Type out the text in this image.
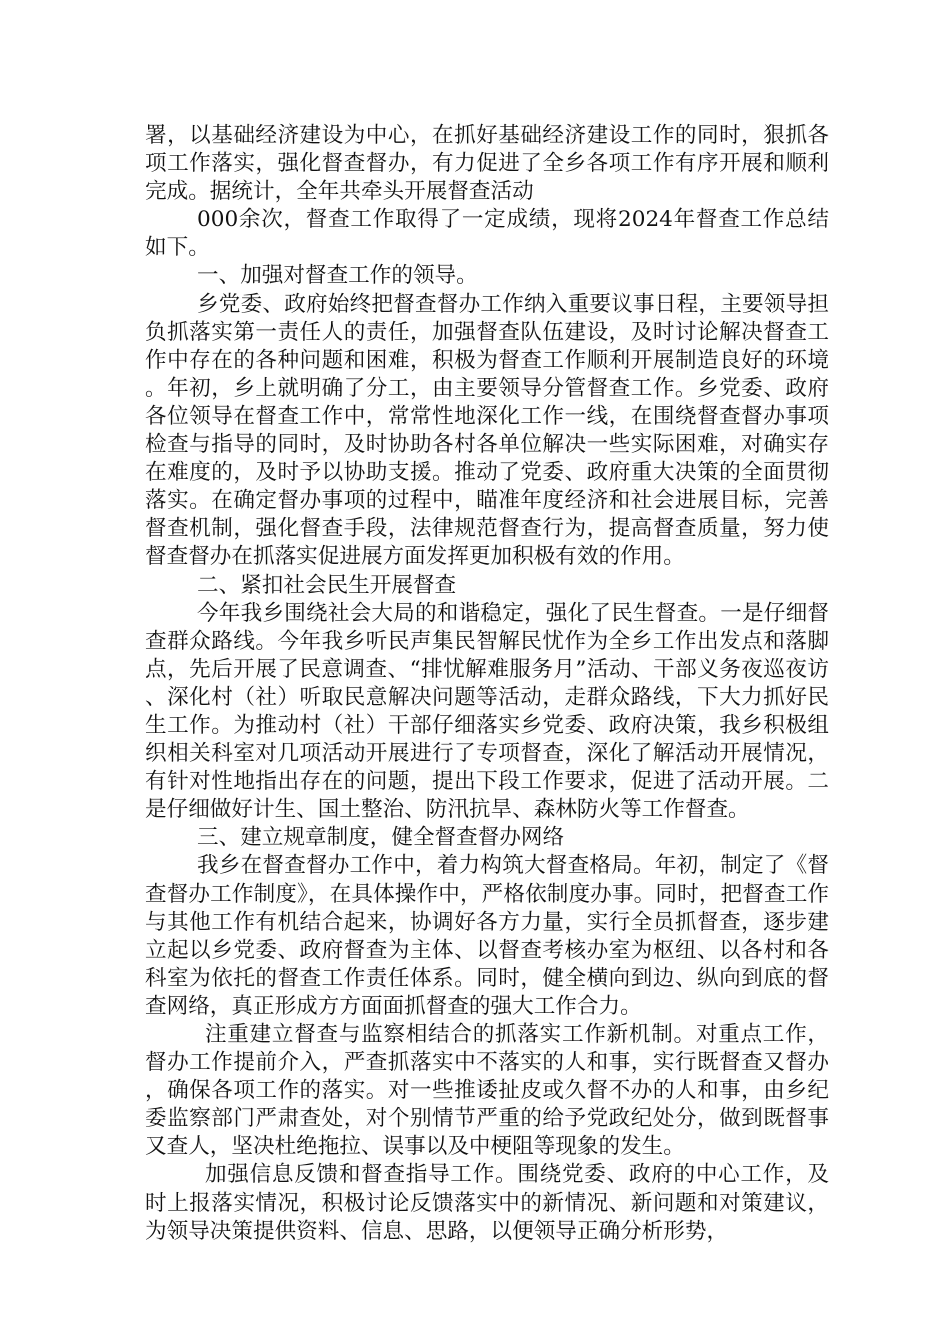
署，以基础经济建设为中心，在抓好基础经济建设工作的同时，狠抓各项工作落实，强化督查督办，有力促进了全乡各项工作有序开展和顺利完成。据统计，全年共牵头开展督查活动

000余次，督查工作取得了一定成绩，现将2024年督查工作总结如下。

一、加强对督查工作的领导。

乡党委、政府始终把督查督办工作纳入重要议事日程，主要领导担负抓落实第一责任人的责任，加强督查队伍建设，及时讨论解决督查工作中存在的各种问题和困难，积极为督查工作顺利开展制造良好的环境。年初，乡上就明确了分工，由主要领导分管督查工作。乡党委、政府各位领导在督查工作中，常常性地深化工作一线，在围绕督查督办事项检查与指导的同时，及时协助各村各单位解决一些实际困难，对确实存在难度的，及时予以协助支援。推动了党委、政府重大决策的全面贯彻落实。在确定督办事项的过程中，瞄准年度经济和社会进展目标，完善督查机制，强化督查手段，法律规范督查行为，提高督查质量，努力使督查督办在抓落实促进展方面发挥更加积极有效的作用。

二、紧扣社会民生开展督查

今年我乡围绕社会大局的和谐稳定，强化了民生督查。一是仔细督查群众路线。今年我乡听民声集民智解民忧作为全乡工作出发点和落脚点，先后开展了民意调查、“排忧解难服务月”活动、干部义务夜巡夜访、深化村（社）听取民意解决问题等活动，走群众路线，下大力抓好民生工作。为推动村（社）干部仔细落实乡党委、政府决策，我乡积极组织相关科室对几项活动开展进行了专项督查，深化了解活动开展情况，有针对性地指出存在的问题，提出下段工作要求，促进了活动开展。二是仔细做好计生、国土整治、防汛抗旱、森林防火等工作督查。

三、建立规章制度，健全督查督办网络

我乡在督查督办工作中，着力构筑大督查格局。年初，制定了《督查督办工作制度》，在具体操作中，严格依制度办事。同时，把督查工作与其他工作有机结合起来，协调好各方力量，实行全员抓督查，逐步建立起以乡党委、政府督查为主体、以督查考核办室为枢纽、以各村和各科室为依托的督查工作责任体系。同时，健全横向到边、纵向到底的督查网络，真正形成方方面面抓督查的强大工作合力。

注重建立督查与监察相结合的抓落实工作新机制。对重点工作，督办工作提前介入，严查抓落实中不落实的人和事，实行既督查又督办，确保各项工作的落实。对一些推诿扯皮或久督不办的人和事，由乡纪委监察部门严肃查处，对个别情节严重的给予党政纪处分，做到既督事又查人，坚决杜绝拖拉、误事以及中梗阻等现象的发生。

加强信息反馈和督查指导工作。围绕党委、政府的中心工作，及时上报落实情况，积极讨论反馈落实中的新情况、新问题和对策建议，为领导决策提供资料、信息、思路，以便领导正确分析形势，
